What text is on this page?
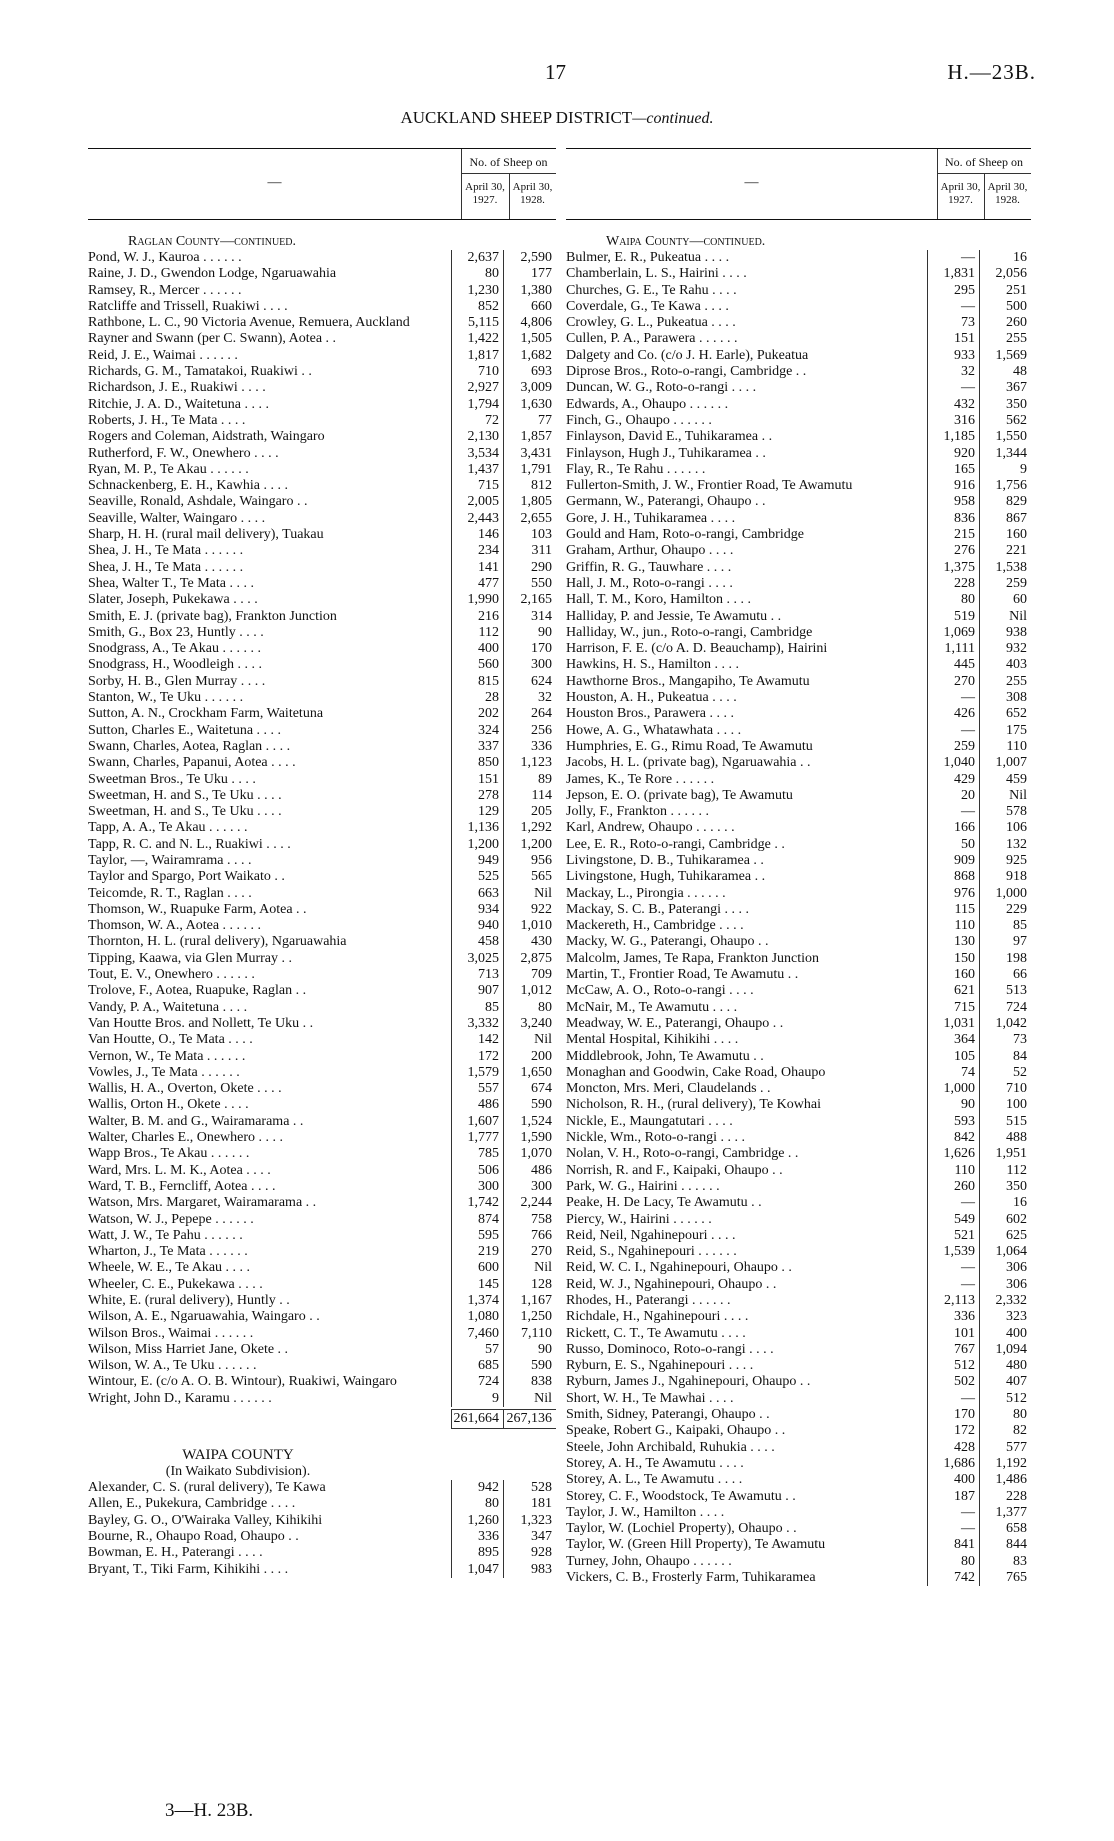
17	H.—23B.
AUCKLAND SHEEP DISTRICT—continued.
—
No. of Sheep on
April 30, 1927.
April 30, 1928.
Raglan County—continued.
Pond, W. J., Kauroa . . . . . .	2,637	2,590
Raine, J. D., Gwendon Lodge, Ngaruawahia	80	177
Ramsey, R., Mercer . . . . . .	1,230	1,380
Ratcliffe and Trissell, Ruakiwi . . . .	852	660
Rathbone, L. C., 90 Victoria Avenue, Remuera, Auckland	5,115	4,806
Rayner and Swann (per C. Swann), Aotea . .	1,422	1,505
Reid, J. E., Waimai . . . . . .	1,817	1,682
Richards, G. M., Tamatakoi, Ruakiwi . .	710	693
Richardson, J. E., Ruakiwi . . . .	2,927	3,009
Ritchie, J. A. D., Waitetuna . . . .	1,794	1,630
Roberts, J. H., Te Mata . . . .	72	77
Rogers and Coleman, Aidstrath, Waingaro	2,130	1,857
Rutherford, F. W., Onewhero . . . .	3,534	3,431
Ryan, M. P., Te Akau . . . . . .	1,437	1,791
Schnackenberg, E. H., Kawhia . . . .	715	812
Seaville, Ronald, Ashdale, Waingaro . .	2,005	1,805
Seaville, Walter, Waingaro . . . .	2,443	2,655
Sharp, H. H. (rural mail delivery), Tuakau	146	103
Shea, J. H., Te Mata . . . . . .	234	311
Shea, J. H., Te Mata . . . . . .	141	290
Shea, Walter T., Te Mata . . . .	477	550
Slater, Joseph, Pukekawa . . . .	1,990	2,165
Smith, E. J. (private bag), Frankton Junction	216	314
Smith, G., Box 23, Huntly . . . .	112	90
Snodgrass, A., Te Akau . . . . . .	400	170
Snodgrass, H., Woodleigh . . . .	560	300
Sorby, H. B., Glen Murray . . . .	815	624
Stanton, W., Te Uku . . . . . .	28	32
Sutton, A. N., Crockham Farm, Waitetuna	202	264
Sutton, Charles E., Waitetuna . . . .	324	256
Swann, Charles, Aotea, Raglan . . . .	337	336
Swann, Charles, Papanui, Aotea . . . .	850	1,123
Sweetman Bros., Te Uku . . . .	151	89
Sweetman, H. and S., Te Uku . . . .	278	114
Sweetman, H. and S., Te Uku . . . .	129	205
Tapp, A. A., Te Akau . . . . . .	1,136	1,292
Tapp, R. C. and N. L., Ruakiwi . . . .	1,200	1,200
Taylor, —, Wairamrama . . . .	949	956
Taylor and Spargo, Port Waikato . .	525	565
Teicomde, R. T., Raglan . . . .	663	Nil
Thomson, W., Ruapuke Farm, Aotea . .	934	922
Thomson, W. A., Aotea . . . . . .	940	1,010
Thornton, H. L. (rural delivery), Ngaruawahia	458	430
Tipping, Kaawa, via Glen Murray . .	3,025	2,875
Tout, E. V., Onewhero . . . . . .	713	709
Trolove, F., Aotea, Ruapuke, Raglan . .	907	1,012
Vandy, P. A., Waitetuna . . . .	85	80
Van Houtte Bros. and Nollett, Te Uku . .	3,332	3,240
Van Houtte, O., Te Mata . . . .	142	Nil
Vernon, W., Te Mata . . . . . .	172	200
Vowles, J., Te Mata . . . . . .	1,579	1,650
Wallis, H. A., Overton, Okete . . . .	557	674
Wallis, Orton H., Okete . . . .	486	590
Walter, B. M. and G., Wairamarama . .	1,607	1,524
Walter, Charles E., Onewhero . . . .	1,777	1,590
Wapp Bros., Te Akau . . . . . .	785	1,070
Ward, Mrs. L. M. K., Aotea . . . .	506	486
Ward, T. B., Ferncliff, Aotea . . . .	300	300
Watson, Mrs. Margaret, Wairamarama . .	1,742	2,244
Watson, W. J., Pepepe . . . . . .	874	758
Watt, J. W., Te Pahu . . . . . .	595	766
Wharton, J., Te Mata . . . . . .	219	270
Wheele, W. E., Te Akau . . . .	600	Nil
Wheeler, C. E., Pukekawa . . . .	145	128
White, E. (rural delivery), Huntly . .	1,374	1,167
Wilson, A. E., Ngaruawahia, Waingaro . .	1,080	1,250
Wilson Bros., Waimai . . . . . .	7,460	7,110
Wilson, Miss Harriet Jane, Okete . .	57	90
Wilson, W. A., Te Uku . . . . . .	685	590
Wintour, E. (c/o A. O. B. Wintour), Ruakiwi, Waingaro	724	838
Wright, John D., Karamu . . . . . .	9	Nil
261,664 267,136
WAIPA COUNTY
(In Waikato Subdivision).
Alexander, C. S. (rural delivery), Te Kawa	942	528
Allen, E., Pukekura, Cambridge . . . .	80	181
Bayley, G. O., O'Wairaka Valley, Kihikihi	1,260	1,323
Bourne, R., Ohaupo Road, Ohaupo . .	336	347
Bowman, E. H., Paterangi . . . .	895	928
Bryant, T., Tiki Farm, Kihikihi . . . .	1,047	983
—
No. of Sheep on
April 30, 1927.
April 30, 1928.
Waipa County—continued.
Bulmer, E. R., Pukeatua . . . .	—	16
Chamberlain, L. S., Hairini . . . .	1,831	2,056
Churches, G. E., Te Rahu . . . .	295	251
Coverdale, G., Te Kawa . . . .	—	500
Crowley, G. L., Pukeatua . . . .	73	260
Cullen, P. A., Parawera . . . . . .	151	255
Dalgety and Co. (c/o J. H. Earle), Pukeatua	933	1,569
Diprose Bros., Roto-o-rangi, Cambridge . .	32	48
Duncan, W. G., Roto-o-rangi . . . .	—	367
Edwards, A., Ohaupo . . . . . .	432	350
Finch, G., Ohaupo . . . . . .	316	562
Finlayson, David E., Tuhikaramea . .	1,185	1,550
Finlayson, Hugh J., Tuhikaramea . .	920	1,344
Flay, R., Te Rahu . . . . . .	165	9
Fullerton-Smith, J. W., Frontier Road, Te Awamutu	916	1,756
Germann, W., Paterangi, Ohaupo . .	958	829
Gore, J. H., Tuhikaramea . . . .	836	867
Gould and Ham, Roto-o-rangi, Cambridge	215	160
Graham, Arthur, Ohaupo . . . .	276	221
Griffin, R. G., Tauwhare . . . .	1,375	1,538
Hall, J. M., Roto-o-rangi . . . .	228	259
Hall, T. M., Koro, Hamilton . . . .	80	60
Halliday, P. and Jessie, Te Awamutu . .	519	Nil
Halliday, W., jun., Roto-o-rangi, Cambridge	1,069	938
Harrison, F. E. (c/o A. D. Beauchamp), Hairini	1,111	932
Hawkins, H. S., Hamilton . . . .	445	403
Hawthorne Bros., Mangapiho, Te Awamutu	270	255
Houston, A. H., Pukeatua . . . .	—	308
Houston Bros., Parawera . . . .	426	652
Howe, A. G., Whatawhata . . . .	—	175
Humphries, E. G., Rimu Road, Te Awamutu	259	110
Jacobs, H. L. (private bag), Ngaruawahia . .	1,040	1,007
James, K., Te Rore . . . . . .	429	459
Jepson, E. O. (private bag), Te Awamutu	20	Nil
Jolly, F., Frankton . . . . . .	—	578
Karl, Andrew, Ohaupo . . . . . .	166	106
Lee, E. R., Roto-o-rangi, Cambridge . .	50	132
Livingstone, D. B., Tuhikaramea . .	909	925
Livingstone, Hugh, Tuhikaramea . .	868	918
Mackay, L., Pirongia . . . . . .	976	1,000
Mackay, S. C. B., Paterangi . . . .	115	229
Mackereth, H., Cambridge . . . .	110	85
Macky, W. G., Paterangi, Ohaupo . .	130	97
Malcolm, James, Te Rapa, Frankton Junction	150	198
Martin, T., Frontier Road, Te Awamutu . .	160	66
McCaw, A. O., Roto-o-rangi . . . .	621	513
McNair, M., Te Awamutu . . . .	715	724
Meadway, W. E., Paterangi, Ohaupo . .	1,031	1,042
Mental Hospital, Kihikihi . . . .	364	73
Middlebrook, John, Te Awamutu . .	105	84
Monaghan and Goodwin, Cake Road, Ohaupo	74	52
Moncton, Mrs. Meri, Claudelands . .	1,000	710
Nicholson, R. H., (rural delivery), Te Kowhai	90	100
Nickle, E., Maungatutari . . . .	593	515
Nickle, Wm., Roto-o-rangi . . . .	842	488
Nolan, V. H., Roto-o-rangi, Cambridge . .	1,626	1,951
Norrish, R. and F., Kaipaki, Ohaupo . .	110	112
Park, W. G., Hairini . . . . . .	260	350
Peake, H. De Lacy, Te Awamutu . .	—	16
Piercy, W., Hairini . . . . . .	549	602
Reid, Neil, Ngahinepouri . . . .	521	625
Reid, S., Ngahinepouri . . . . . .	1,539	1,064
Reid, W. C. I., Ngahinepouri, Ohaupo . .	—	306
Reid, W. J., Ngahinepouri, Ohaupo . .	—	306
Rhodes, H., Paterangi . . . . . .	2,113	2,332
Richdale, H., Ngahinepouri . . . .	336	323
Rickett, C. T., Te Awamutu . . . .	101	400
Russo, Dominoco, Roto-o-rangi . . . .	767	1,094
Ryburn, E. S., Ngahinepouri . . . .	512	480
Ryburn, James J., Ngahinepouri, Ohaupo . .	502	407
Short, W. H., Te Mawhai . . . .	—	512
Smith, Sidney, Paterangi, Ohaupo . .	170	80
Speake, Robert G., Kaipaki, Ohaupo . .	172	82
Steele, John Archibald, Ruhukia . . . .	428	577
Storey, A. H., Te Awamutu . . . .	1,686	1,192
Storey, A. L., Te Awamutu . . . .	400	1,486
Storey, C. F., Woodstock, Te Awamutu . .	187	228
Taylor, J. W., Hamilton . . . .	—	1,377
Taylor, W. (Lochiel Property), Ohaupo . .	—	658
Taylor, W. (Green Hill Property), Te Awamutu	841	844
Turney, John, Ohaupo . . . . . .	80	83
Vickers, C. B., Frosterly Farm, Tuhikaramea	742	765
3—H. 23B.
